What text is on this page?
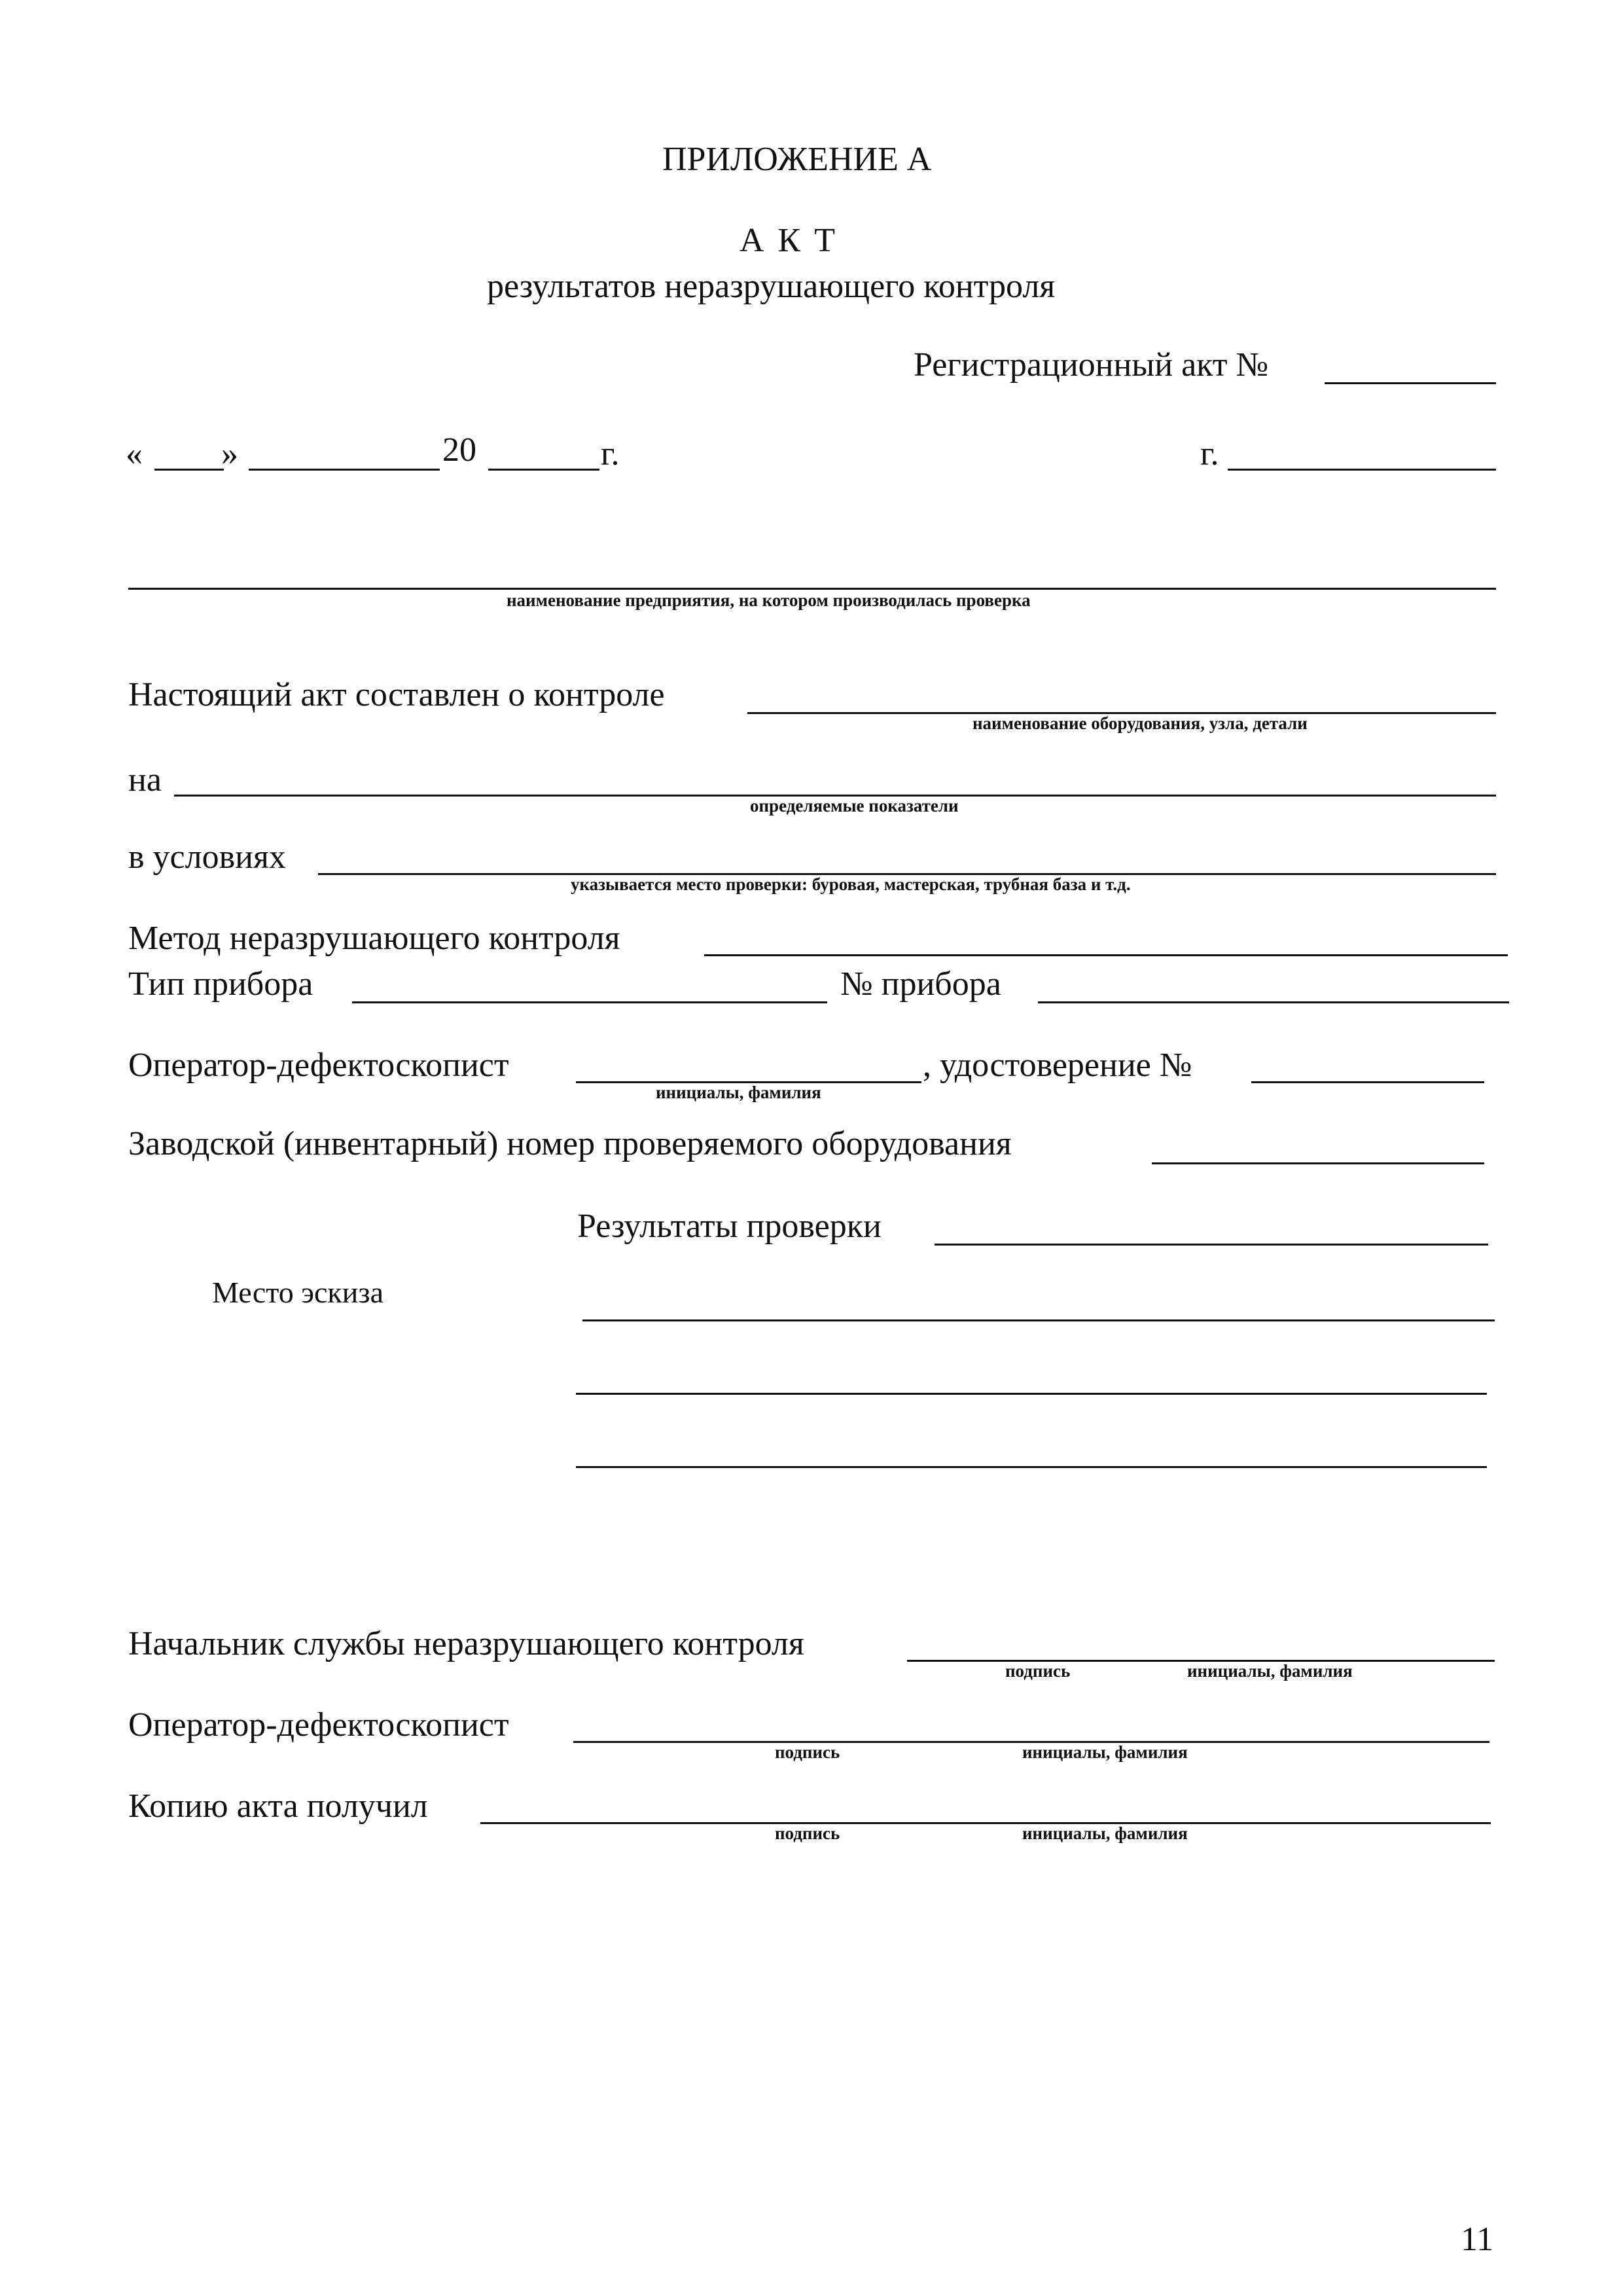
ПРИЛОЖЕНИЕ А
А К Т
результатов неразрушающего контроля
Регистрационный акт №
« »	20	г.	г.
наименование предприятия, на котором производилась проверка
Настоящий акт составлен о контроле
наименование оборудования, узла, детали
на
определяемые показатели
в условиях
указывается место проверки: буровая, мастерская, трубная база и т.д.
Метод неразрушающего контроля
Тип прибора	№ прибора
Оператор-дефектоскопист
инициалы, фамилия
, удостоверение №
Заводской (инвентарный) номер проверяемого оборудования
Результаты проверки
Место эскиза
Начальник службы неразрушающего контроля
подпись	инициалы, фамилия
Оператор-дефектоскопист
подпись	инициалы, фамилия
Копию акта получил
подпись	инициалы, фамилия
11
